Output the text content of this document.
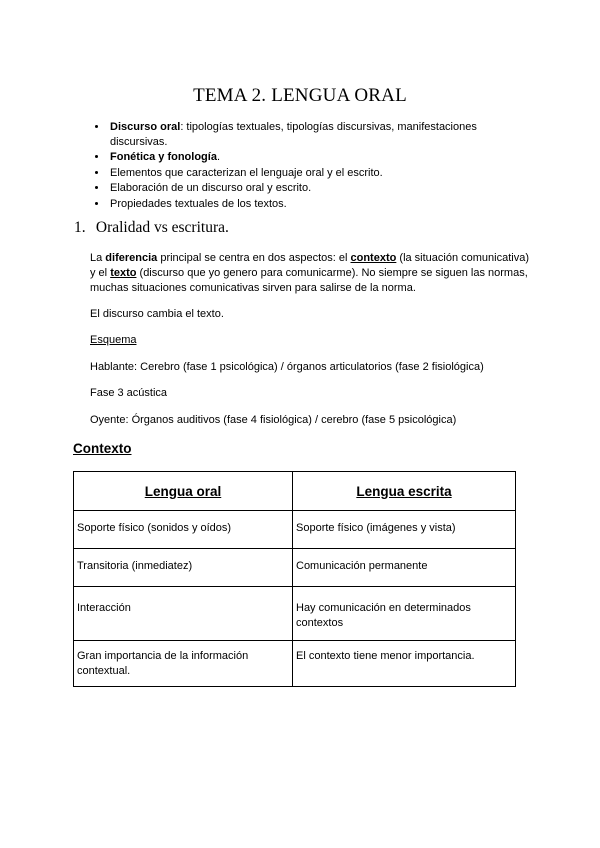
TEMA 2. LENGUA ORAL
• Discurso oral: tipologías textuales, tipologías discursivas, manifestaciones discursivas.
• Fonética y fonología.
• Elementos que caracterizan el lenguaje oral y el escrito.
• Elaboración de un discurso oral y escrito.
• Propiedades textuales de los textos.
1. Oralidad vs escritura.

La diferencia principal se centra en dos aspectos: el contexto (la situación comunicativa) y el texto (discurso que yo genero para comunicarme). No siempre se siguen las normas, muchas situaciones comunicativas sirven para salirse de la norma.

El discurso cambia el texto.

Esquema

Hablante: Cerebro (fase 1 psicológica) / órganos articulatorios (fase 2 fisiológica)

Fase 3 acústica

Oyente: Órganos auditivos (fase 4 fisiológica) / cerebro (fase 5 psicológica)

Contexto
Lengua oral	Lengua escrita
Soporte físico (sonidos y oídos)	Soporte físico (imágenes y vista)
Transitoria (inmediatez)	Comunicación permanente
Interacción	Hay comunicación en determinados contextos
Gran importancia de la información contextual.	El contexto tiene menor importancia.
